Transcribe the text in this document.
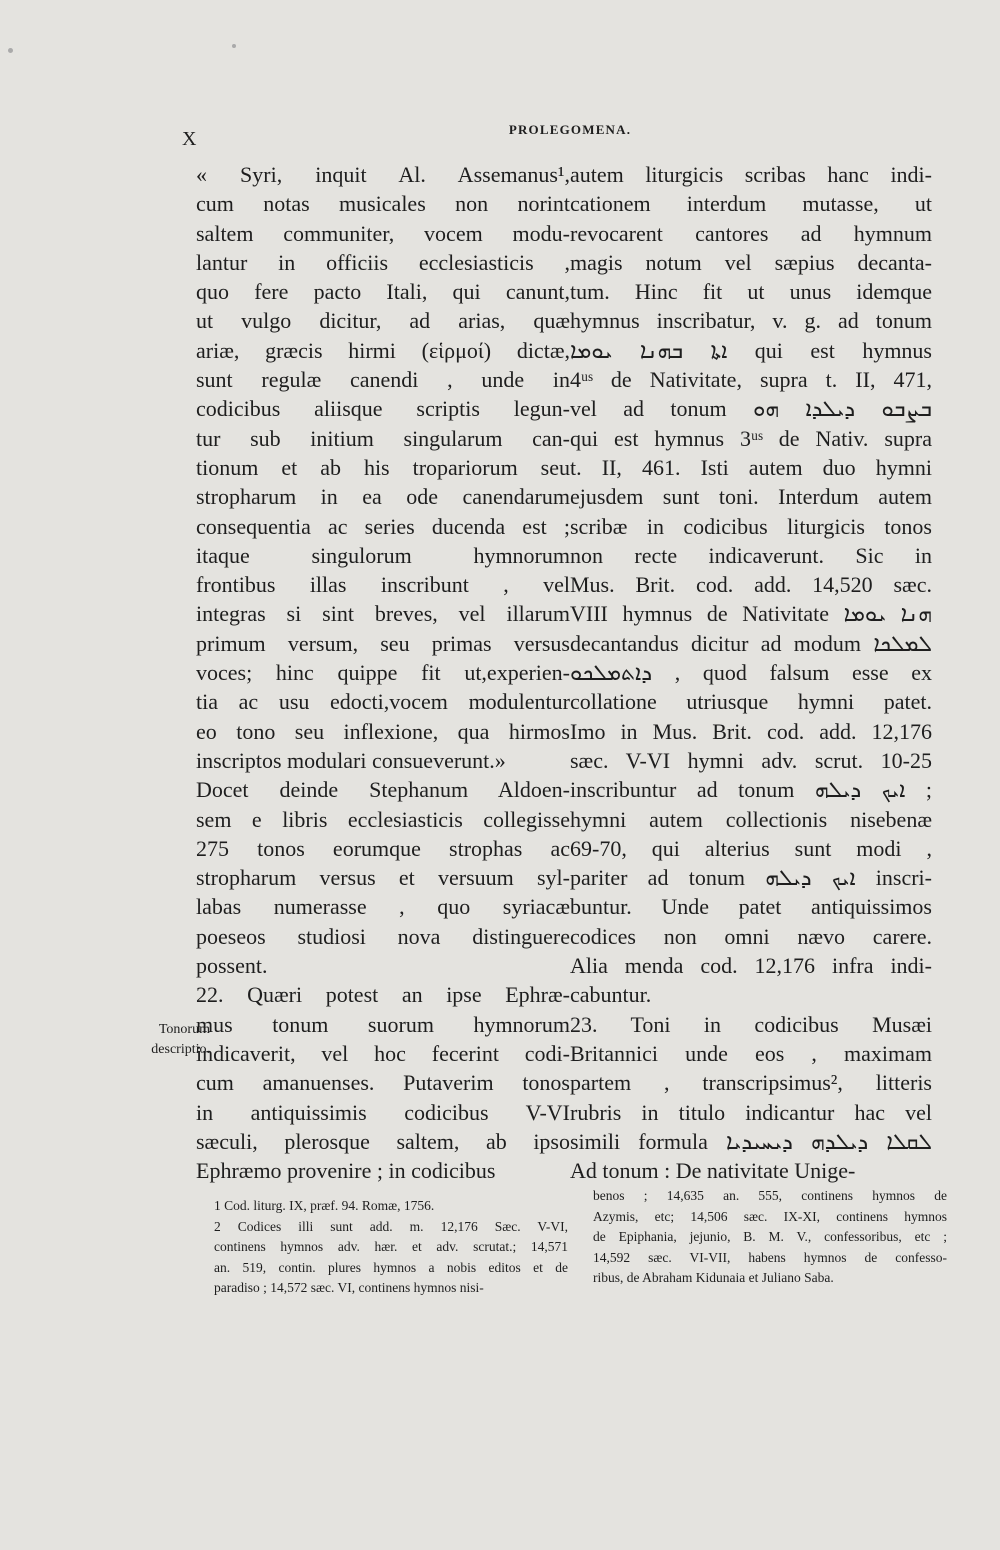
X	PROLEGOMENA.
« Syri, inquit Al. Assemanus¹,
cum notas musicales non norint
saltem communiter, vocem modu-
lantur in officiis ecclesiasticis ,
quo fere pacto Itali, qui canunt,
ut vulgo dicitur, ad arias, quæ
ariæ, græcis hirmi (εἱρμοί) dictæ,
sunt regulæ canendi , unde in
codicibus aliisque scriptis legun-
tur sub initium singularum can-
tionum et ab his tropariorum seu
stropharum in ea ode canendarum
consequentia ac series ducenda est ;
itaque singulorum hymnorum
frontibus illas inscribunt , vel
integras si sint breves, vel illarum
primum versum, seu primas versus
voces; hinc quippe fit ut,experien-
tia ac usu edocti,vocem modulentur
eo tono seu inflexione, qua hirmos
inscriptos modulari consueverunt.»
Docet deinde Stephanum Aldoen-
sem e libris ecclesiasticis collegisse
275 tonos eorumque strophas ac
stropharum versus et versuum syl-
labas numerasse , quo syriacæ
poeseos studiosi nova distinguere
possent.
22. Quæri potest an ipse Ephræ-
mus tonum suorum hymnorum
indicaverit, vel hoc fecerint codi-
cum amanuenses. Putaverim tonos
in antiquissimis codicibus V-VI
sæculi, plerosque saltem, ab ipso
Ephræmo provenire ; in codicibus
autem liturgicis scribas hanc indi-
cationem interdum mutasse, ut
revocarent cantores ad hymnum
magis notum vel sæpius decanta-
tum. Hinc fit ut unus idemque
hymnus inscribatur, v. g. ad tonum
ܐܬܐ ܒܗܢܐ ܝܘܡܐ qui est hymnus
4ᵘˢ de Nativitate, supra t. II, 471,
vel ad tonum ܒܨܒܘ ܕܝܠܕܐ ܗܘ
qui est hymnus 3ᵘˢ de Nativ. supra
t. II, 461. Isti autem duo hymni
ejusdem sunt toni. Interdum autem
scribæ in codicibus liturgicis tonos
non recte indicaverunt. Sic in
Mus. Brit. cod. add. 14,520 sæc.
VIII hymnus de Nativitate ܗܢܐ ܝܘܡܐ
decantandus dicitur ad modum ܠܡܠܟܐ
ܕܐܬܡܠܟܘ , quod falsum esse ex
collatione utriusque hymni patet.
Imo in Mus. Brit. cod. add. 12,176
sæc. V-VI hymni adv. scrut. 10-25
inscribuntur ad tonum ܐܝܟ ܕܝܠܗ ;
hymni autem collectionis nisebenæ
69-70, qui alterius sunt modi ,
pariter ad tonum ܐܝܟ ܕܝܠܗ inscri-
buntur. Unde patet antiquissimos
codices non omni nævo carere.
Alia menda cod. 12,176 infra indi-
cabuntur.
23. Toni in codicibus Musæi
Britannici unde eos , maximam
partem , transcripsimus², litteris
rubris in titulo indicantur hac vel
simili formula ܠܩܠܐ ܕܝܠܕܗ ܕܝܚܝܕܝܐ
Ad tonum : De nativitate Unige-
Tonorum
descriptio.
1 Cod. liturg. IX, præf. 94. Romæ, 1756.
2 Codices illi sunt add. m. 12,176 Sæc. V-VI,
continens hymnos adv. hær. et adv. scrutat.; 14,571
an. 519, contin. plures hymnos a nobis editos et de
paradiso ; 14,572 sæc. VI, continens hymnos nisi-
benos ; 14,635 an. 555, continens hymnos de
Azymis, etc; 14,506 sæc. IX-XI, continens hymnos
de Epiphania, jejunio, B. M. V., confessoribus, etc ;
14,592 sæc. VI-VII, habens hymnos de confesso-
ribus, de Abraham Kidunaia et Juliano Saba.
